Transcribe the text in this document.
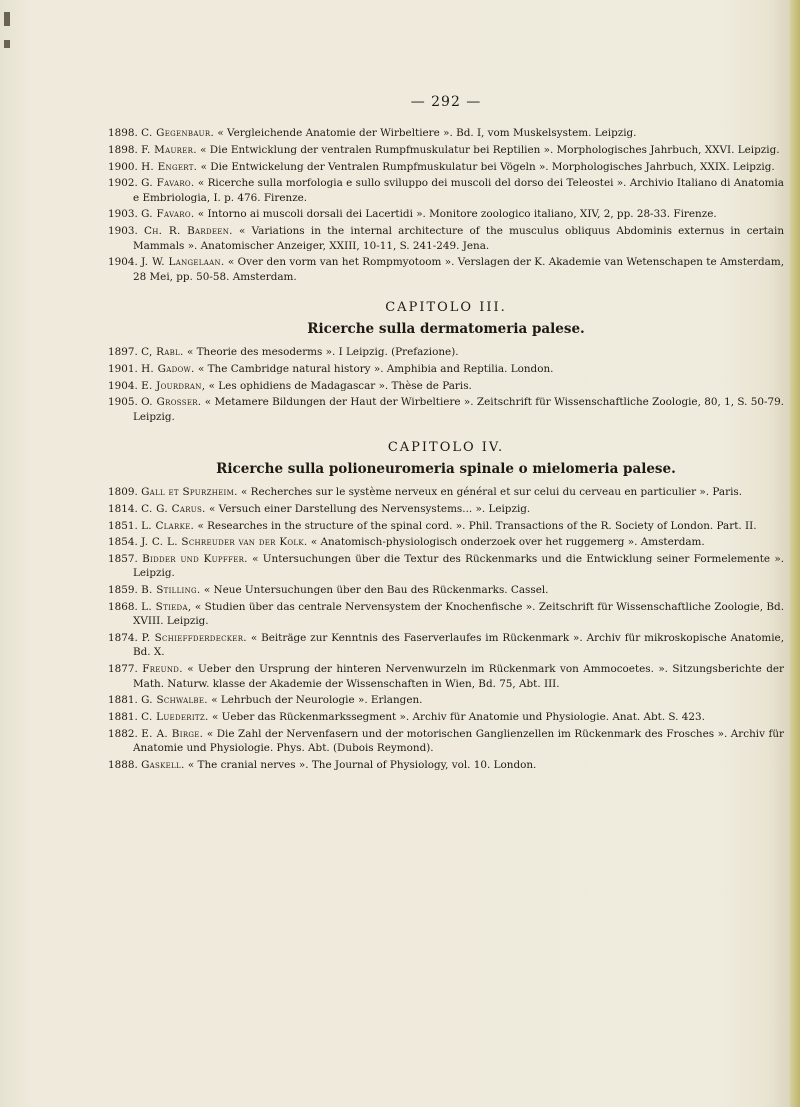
— 292 —
1898. C. Gegenbaur. « Vergleichende Anatomie der Wirbeltiere ». Bd. I, vom Muskelsystem. Leipzig.
1898. F. Maurer. « Die Entwicklung der ventralen Rumpfmuskulatur bei Reptilien ». Morphologisches Jahrbuch, XXVI. Leipzig.
1900. H. Engert. « Die Entwickelung der Ventralen Rumpfmuskulatur bei Vögeln ». Morphologisches Jahrbuch, XXIX. Leipzig.
1902. G. Favaro. « Ricerche sulla morfologia e sullo sviluppo dei muscoli del dorso dei Teleostei ». Archivio Italiano di Anatomia e Embriologia, I. p. 476. Firenze.
1903. G. Favaro. « Intorno ai muscoli dorsali dei Lacertidi ». Monitore zoologico italiano, XIV, 2, pp. 28-33. Firenze.
1903. Ch. R. Bardeen. « Variations in the internal architecture of the musculus obliquus Abdominis externus in certain Mammals ». Anatomischer Anzeiger, XXIII, 10-11, S. 241-249. Jena.
1904. J. W. Langelaan. « Over den vorm van het Rompmyotoom ». Verslagen der K. Akademie van Wetenschapen te Amsterdam, 28 Mei, pp. 50-58. Amsterdam.
CAPITOLO III.
Ricerche sulla dermatomeria palese.
1897. C, Rabl. « Theorie des mesoderms ». I Leipzig. (Prefazione).
1901. H. Gadow. « The Cambridge natural history ». Amphibia and Reptilia. London.
1904. E. Jourdran, « Les ophidiens de Madagascar ». Thèse de Paris.
1905. O. Grosser. « Metamere Bildungen der Haut der Wirbeltiere ». Zeitschrift für Wissenschaftliche Zoologie, 80, 1, S. 50-79. Leipzig.
CAPITOLO IV.
Ricerche sulla polioneuromeria spinale o mielomeria palese.
1809. Gall et Spurzheim. « Recherches sur le système nerveux en général et sur celui du cerveau en particulier ». Paris.
1814. C. G. Carus. « Versuch einer Darstellung des Nervensystems... ». Leipzig.
1851. L. Clarke. « Researches in the structure of the spinal cord. ». Phil. Transactions of the R. Society of London. Part. II.
1854. J. C. L. Schreuder van der Kolk. « Anatomisch-physiologisch onderzoek over het ruggemerg ». Amsterdam.
1857. Bidder und Kupffer. « Untersuchungen über die Textur des Rückenmarks und die Entwicklung seiner Formelemente ». Leipzig.
1859. B. Stilling. « Neue Untersuchungen über den Bau des Rückenmarks. Cassel.
1868. L. Stieda, « Studien über das centrale Nervensystem der Knochenfische ». Zeitschrift für Wissenschaftliche Zoologie, Bd. XVIII. Leipzig.
1874. P. Schieffderdecker. « Beiträge zur Kenntnis des Faserverlaufes im Rückenmark ». Archiv für mikroskopische Anatomie, Bd. X.
1877. Freund. « Ueber den Ursprung der hinteren Nervenwurzeln im Rückenmark von Ammocoetes. ». Sitzungsberichte der Math. Naturw. klasse der Akademie der Wissenschaften in Wien, Bd. 75, Abt. III.
1881. G. Schwalbe. « Lehrbuch der Neurologie ». Erlangen.
1881. C. Luederitz. « Ueber das Rückenmarkssegment ». Archiv für Anatomie und Physiologie. Anat. Abt. S. 423.
1882. E. A. Birge. « Die Zahl der Nervenfasern und der motorischen Ganglienzellen im Rückenmark des Frosches ». Archiv für Anatomie und Physiologie. Phys. Abt. (Dubois Reymond).
1888. Gaskell. « The cranial nerves ». The Journal of Physiology, vol. 10. London.
